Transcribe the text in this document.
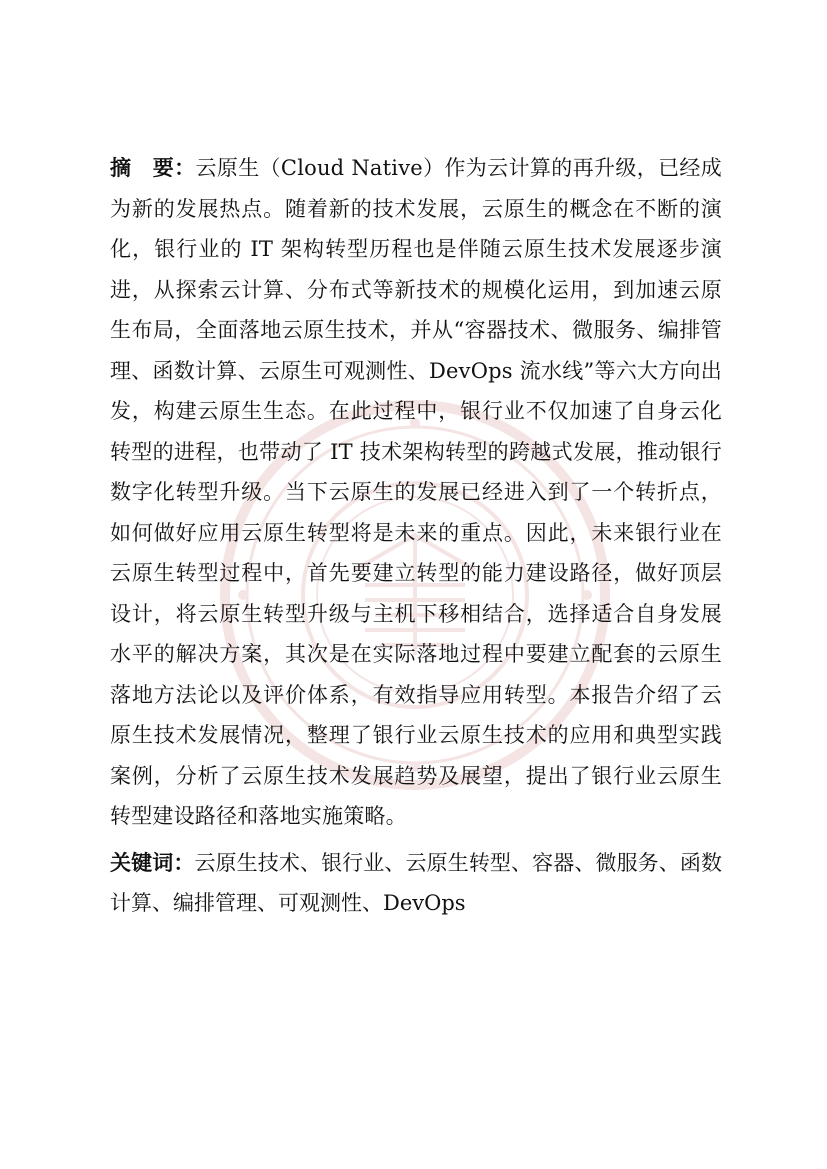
摘　要：云原生（Cloud Native）作为云计算的再升级，已经成为新的发展热点。随着新的技术发展，云原生的概念在不断的演化，银行业的 IT 架构转型历程也是伴随云原生技术发展逐步演进，从探索云计算、分布式等新技术的规模化运用，到加速云原生布局，全面落地云原生技术，并从“容器技术、微服务、编排管理、函数计算、云原生可观测性、DevOps 流水线”等六大方向出发，构建云原生生态。在此过程中，银行业不仅加速了自身云化转型的进程，也带动了 IT 技术架构转型的跨越式发展，推动银行数字化转型升级。当下云原生的发展已经进入到了一个转折点，如何做好应用云原生转型将是未来的重点。因此，未来银行业在云原生转型过程中，首先要建立转型的能力建设路径，做好顶层设计，将云原生转型升级与主机下移相结合，选择适合自身发展水平的解决方案，其次是在实际落地过程中要建立配套的云原生落地方法论以及评价体系，有效指导应用转型。本报告介绍了云原生技术发展情况，整理了银行业云原生技术的应用和典型实践案例，分析了云原生技术发展趋势及展望，提出了银行业云原生转型建设路径和落地实施策略。

关键词：云原生技术、银行业、云原生转型、容器、微服务、函数计算、编排管理、可观测性、DevOps
